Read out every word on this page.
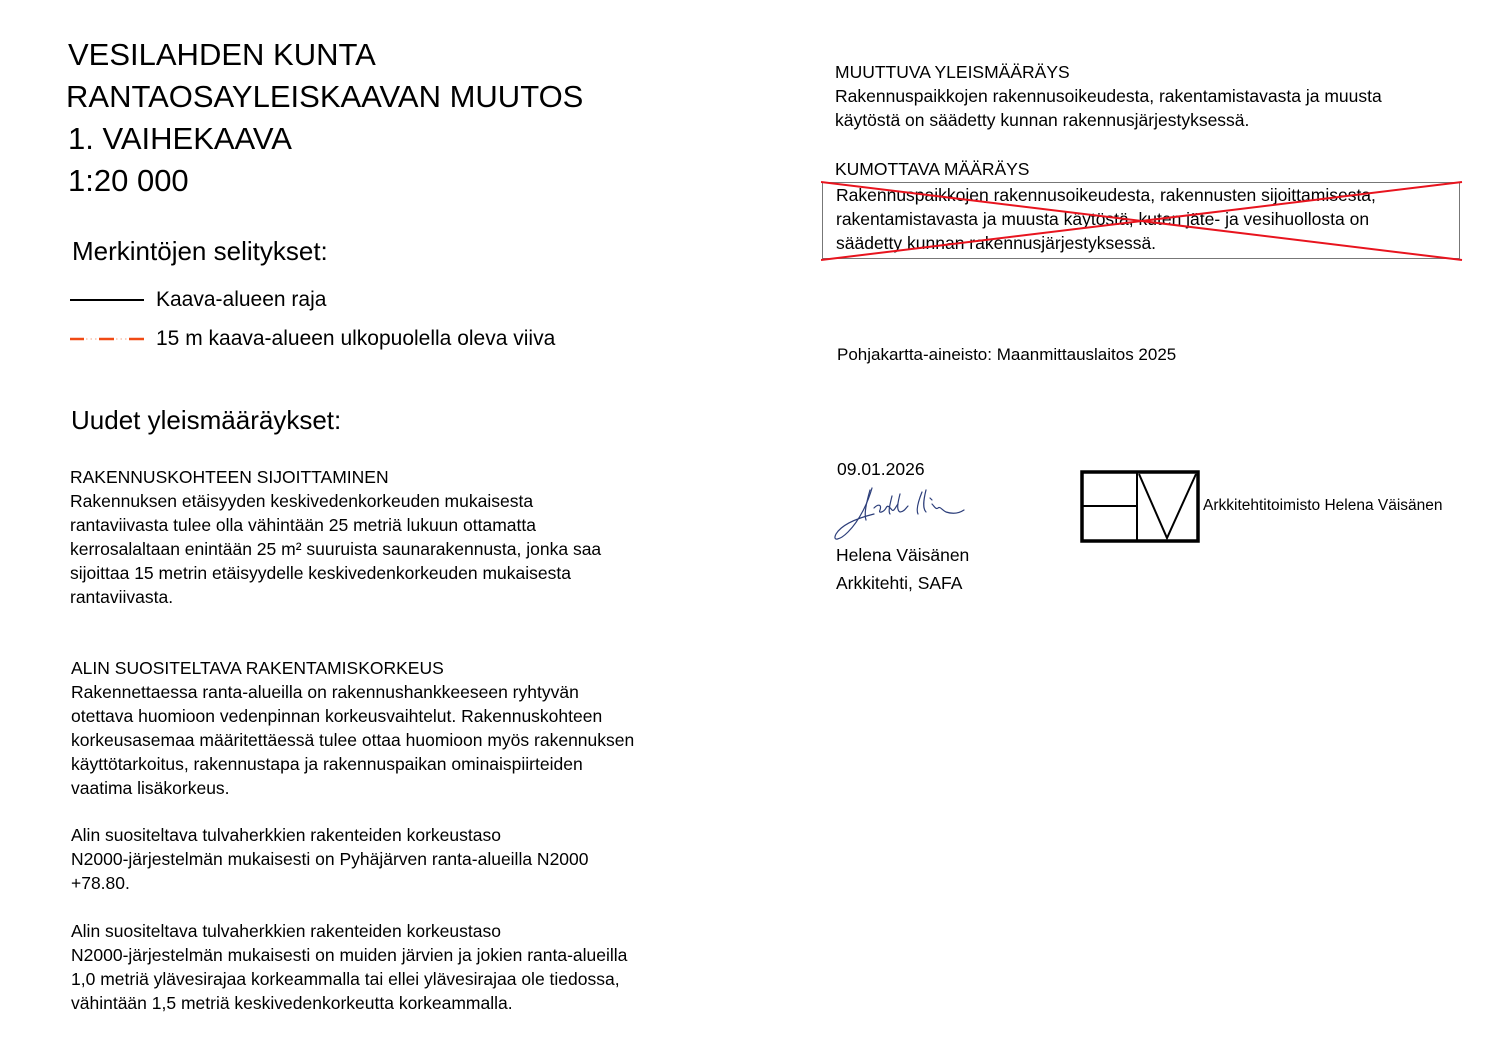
VESILAHDEN KUNTA
RANTAOSAYLEISKAAVAN MUUTOS
1. VAIHEKAAVA
1:20 000
Merkintöjen selitykset:
Kaava-alueen raja
15 m kaava-alueen ulkopuolella oleva viiva
Uudet yleismääräykset:
RAKENNUSKOHTEEN SIJOITTAMINEN
Rakennuksen etäisyyden keskivedenkorkeuden mukaisesta
rantaviivasta tulee olla vähintään 25 metriä lukuun ottamatta
kerrosalaltaan enintään 25 m² suuruista saunarakennusta, jonka saa
sijoittaa 15 metrin etäisyydelle keskivedenkorkeuden mukaisesta
rantaviivasta.
ALIN SUOSITELTAVA RAKENTAMISKORKEUS
Rakennettaessa ranta-alueilla on rakennushankkeeseen ryhtyvän
otettava huomioon vedenpinnan korkeusvaihtelut. Rakennuskohteen
korkeusasemaa määritettäessä tulee ottaa huomioon myös rakennuksen
käyttötarkoitus, rakennustapa ja rakennuspaikan ominaispiirteiden
vaatima lisäkorkeus.
Alin suositeltava tulvaherkkien rakenteiden korkeustaso
N2000-järjestelmän mukaisesti on Pyhäjärven ranta-alueilla N2000
+78.80.
Alin suositeltava tulvaherkkien rakenteiden korkeustaso
N2000-järjestelmän mukaisesti on muiden järvien ja jokien ranta-alueilla
1,0 metriä ylävesirajaa korkeammalla tai ellei ylävesirajaa ole tiedossa,
vähintään 1,5 metriä keskivedenkorkeutta korkeammalla.
MUUTTUVA YLEISMÄÄRÄYS
Rakennuspaikkojen rakennusoikeudesta, rakentamistavasta ja muusta
käytöstä on säädetty kunnan rakennusjärjestyksessä.
KUMOTTAVA MÄÄRÄYS
Rakennuspaikkojen rakennusoikeudesta, rakennusten sijoittamisesta,
rakentamistavasta ja muusta käytöstä, kuten jäte- ja vesihuollosta on
säädetty kunnan rakennusjärjestyksessä.
Pohjakartta-aineisto: Maanmittauslaitos 2025
09.01.2026
Helena Väisänen
Arkkitehti, SAFA
Arkkitehtitoimisto Helena Väisänen
